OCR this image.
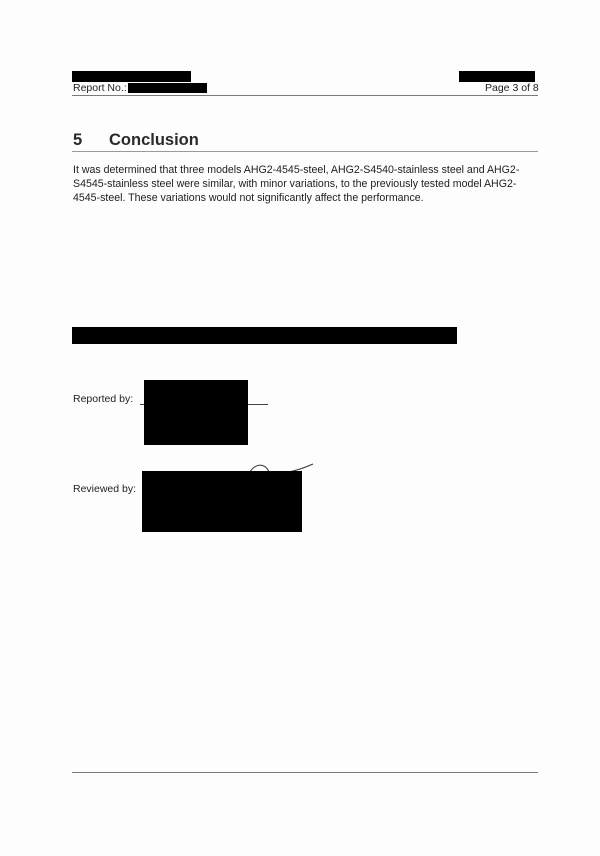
Report No.:	Page 3 of 8
5 Conclusion
It was determined that three models AHG2-4545-steel, AHG2-S4540-stainless steel and AHG2-S4545-stainless steel were similar, with minor variations, to the previously tested model AHG2-4545-steel. These variations would not significantly affect the performance.
Reported by:
Reviewed by:
